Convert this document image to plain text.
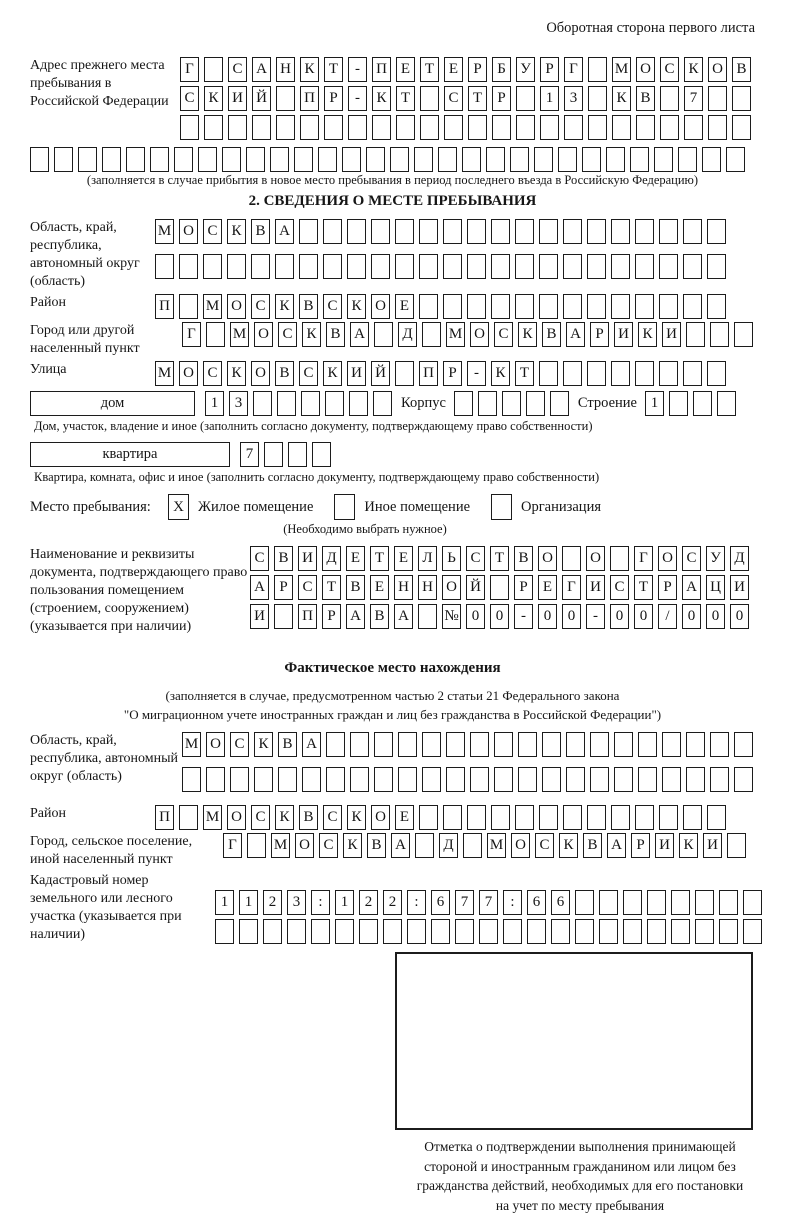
Оборотная сторона первого листа
Адрес прежнего места пребывания в Российской Федерации
Г	С А Н К Т	-	П Е Т Е	Р	Б У Р	Г	М О С К О В
С К И Й П Р	-	К Т	С Т	Р	1	3	К В	7
(заполняется в случае прибытия в новое место пребывания в период последнего въезда в Российскую Федерацию)
2. СВЕДЕНИЯ О МЕСТЕ ПРЕБЫВАНИЯ
Область, край, республика, автономный округ (область)
М О С К В А
Район	П М О С К В С К О Е
Город или другой населенный пункт
Г	М О С К В А Д М О С К В А Р И К И
Улица	М О С К О В С К И Й П Р	-	К Т
дом	1	3	Корпус	Строение 1
Дом, участок, владение и иное (заполнить согласно документу, подтверждающему право собственности)
квартира	7
Квартира, комната, офис и иное (заполнить согласно документу, подтверждающему право собственности)
Место пребывания:	X Жилое помещение	Иное помещение	Организация
(Необходимо выбрать нужное)
Наименование и реквизиты документа, подтверждающего право пользования помещением (строением, сооружением) (указывается при наличии)
С В И Д Е Т Е Л Ь С Т В О О	Г О С У Д
А Р С Т В Е Н Н О Й	Р	Е	Г И С Т	Р А Ц И
И П Р А В А № 0	0	-	0	0	-	0	0	/	0	0	0
Фактическое место нахождения
(заполняется в случае, предусмотренном частью 2 статьи 21 Федерального закона
"О миграционном учете иностранных граждан и лиц без гражданства в Российской Федерации")
Область, край, республика, автономный округ (область)
М О С К В А
Район	П М О С К В С К О Е
Город, сельское поселение, иной населенный пункт
Г	М О С К В А Д М О С К В А Р И К И
Кадастровый номер земельного или лесного участка (указывается при наличии)
1	1	2	3	:	1	2	2	:	6	7	7	:	6	6
Отметка о подтверждении выполнения принимающей
стороной и иностранным гражданином или лицом без
гражданства действий, необходимых для его постановки
на учет по месту пребывания
